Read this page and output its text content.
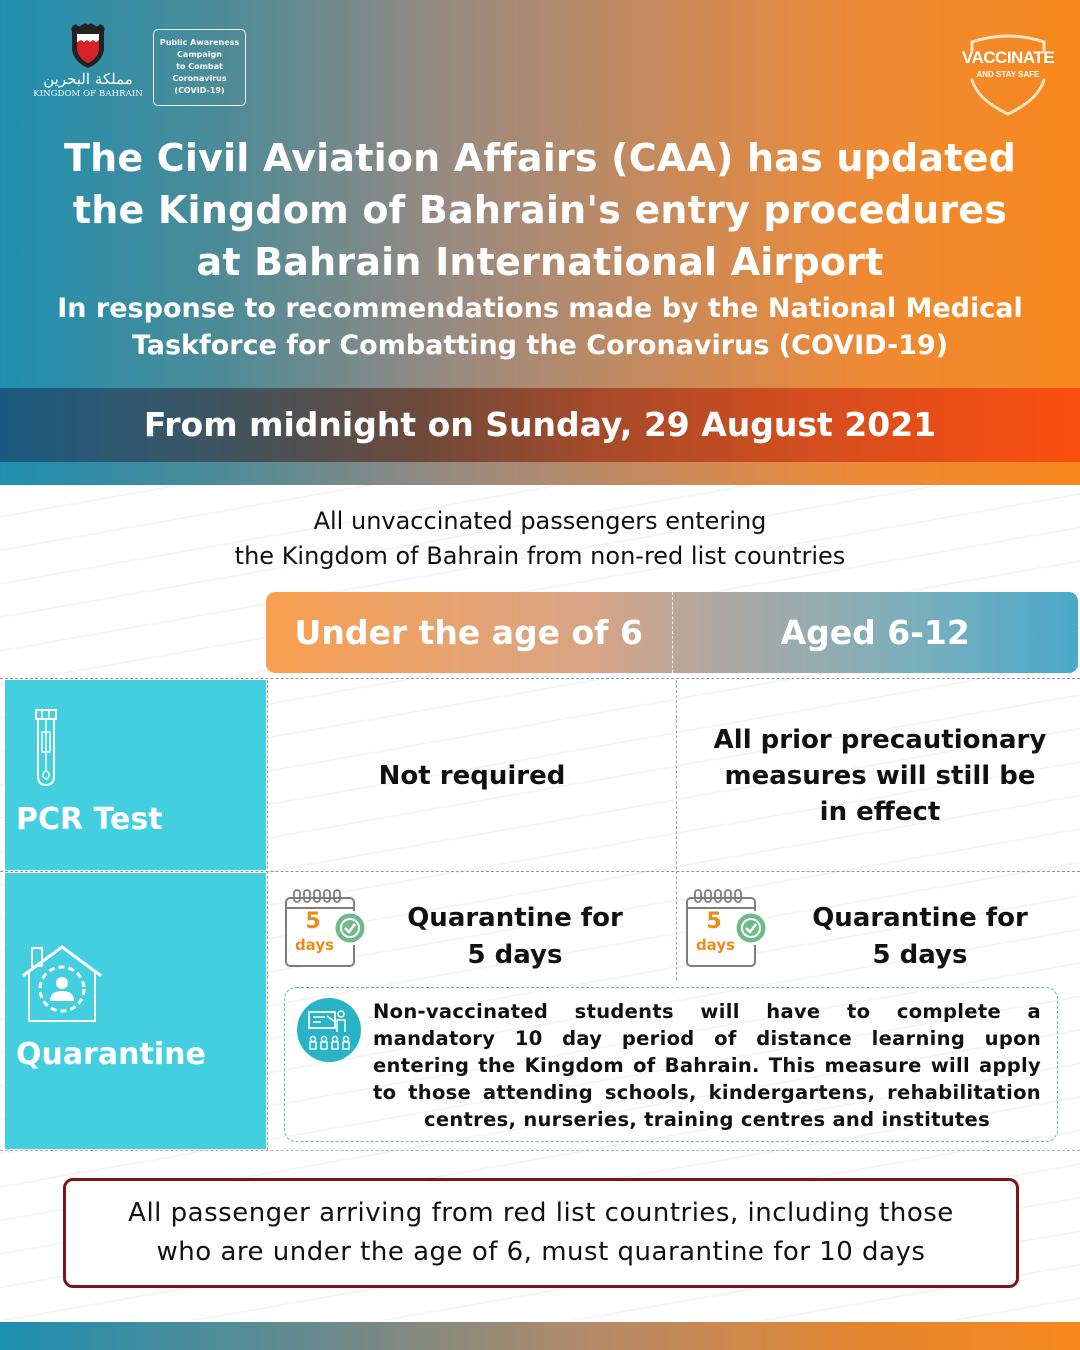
مملكة البحرين
KINGDOM OF BAHRAIN
Public Awareness
Campaign
to Combat
Coronavirus
(COVID-19)
VACCINATE
AND STAY SAFE
The Civil Aviation Affairs (CAA) has updated
the Kingdom of Bahrain's entry procedures
at Bahrain International Airport
In response to recommendations made by the National Medical
Taskforce for Combatting the Coronavirus (COVID-19)
From midnight on Sunday, 29 August 2021
All unvaccinated passengers entering
the Kingdom of Bahrain from non-red list countries
Under the age of 6	Aged 6-12
PCR Test
Not required
All prior precautionary
measures will still be
in effect
Quarantine
5
days
Quarantine for
5 days
5
days
Quarantine for
5 days
Non-vaccinated students will have to complete a mandatory 10 day period of distance learning upon entering the Kingdom of Bahrain. This measure will apply to those attending schools, kindergartens, rehabilitation centres, nurseries, training centres and institutes
All passenger arriving from red list countries, including those
who are under the age of 6, must quarantine for 10 days
